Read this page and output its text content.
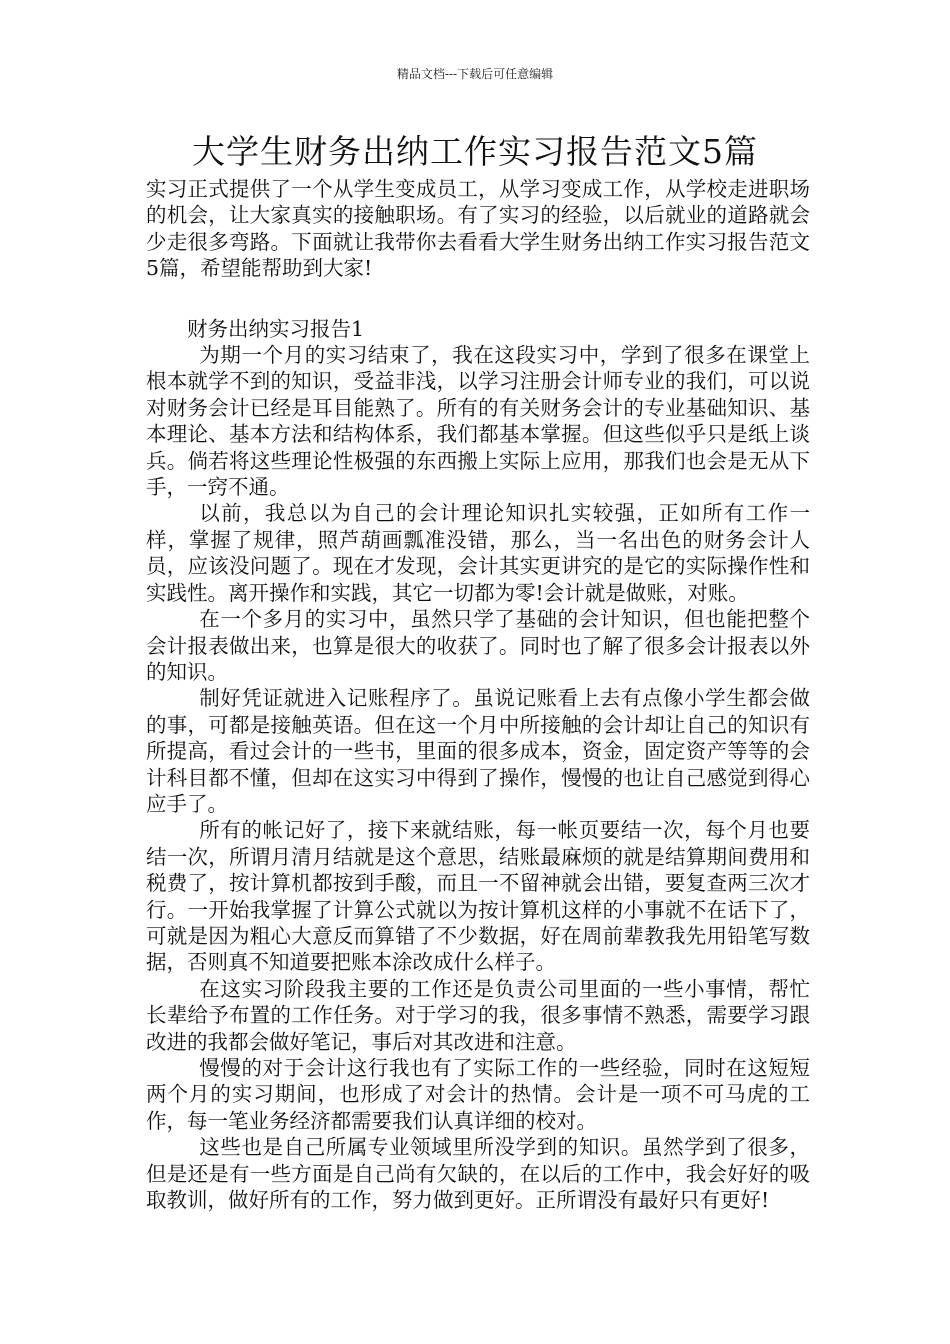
精品文档---下载后可任意编辑
大学生财务出纳工作实习报告范文5篇

实习正式提供了一个从学生变成员工，从学习变成工作，从学校走进职场的机会，让大家真实的接触职场。有了实习的经验，以后就业的道路就会少走很多弯路。下面就让我带你去看看大学生财务出纳工作实习报告范文5篇，希望能帮助到大家!

财务出纳实习报告1

为期一个月的实习结束了，我在这段实习中，学到了很多在课堂上根本就学不到的知识，受益非浅，以学习注册会计师专业的我们，可以说对财务会计已经是耳目能熟了。所有的有关财务会计的专业基础知识、基本理论、基本方法和结构体系，我们都基本掌握。但这些似乎只是纸上谈兵。倘若将这些理论性极强的东西搬上实际上应用，那我们也会是无从下手，一窍不通。

以前，我总以为自己的会计理论知识扎实较强，正如所有工作一样，掌握了规律，照芦葫画瓢准没错，那么，当一名出色的财务会计人员，应该没问题了。现在才发现，会计其实更讲究的是它的实际操作性和实践性。离开操作和实践，其它一切都为零!会计就是做账，对账。

在一个多月的实习中，虽然只学了基础的会计知识，但也能把整个会计报表做出来，也算是很大的收获了。同时也了解了很多会计报表以外的知识。

制好凭证就进入记账程序了。虽说记账看上去有点像小学生都会做的事，可都是接触英语。但在这一个月中所接触的会计却让自己的知识有所提高，看过会计的一些书，里面的很多成本，资金，固定资产等等的会计科目都不懂，但却在这实习中得到了操作，慢慢的也让自己感觉到得心应手了。

所有的帐记好了，接下来就结账，每一帐页要结一次，每个月也要结一次，所谓月清月结就是这个意思，结账最麻烦的就是结算期间费用和税费了，按计算机都按到手酸，而且一不留神就会出错，要复查两三次才行。一开始我掌握了计算公式就以为按计算机这样的小事就不在话下了，可就是因为粗心大意反而算错了不少数据，好在周前辈教我先用铅笔写数据，否则真不知道要把账本涂改成什么样子。

在这实习阶段我主要的工作还是负责公司里面的一些小事情，帮忙长辈给予布置的工作任务。对于学习的我，很多事情不熟悉，需要学习跟改进的我都会做好笔记，事后对其改进和注意。

慢慢的对于会计这行我也有了实际工作的一些经验，同时在这短短两个月的实习期间，也形成了对会计的热情。会计是一项不可马虎的工作，每一笔业务经济都需要我们认真详细的校对。

这些也是自己所属专业领域里所没学到的知识。虽然学到了很多，但是还是有一些方面是自己尚有欠缺的，在以后的工作中，我会好好的吸取教训，做好所有的工作，努力做到更好。正所谓没有最好只有更好!
